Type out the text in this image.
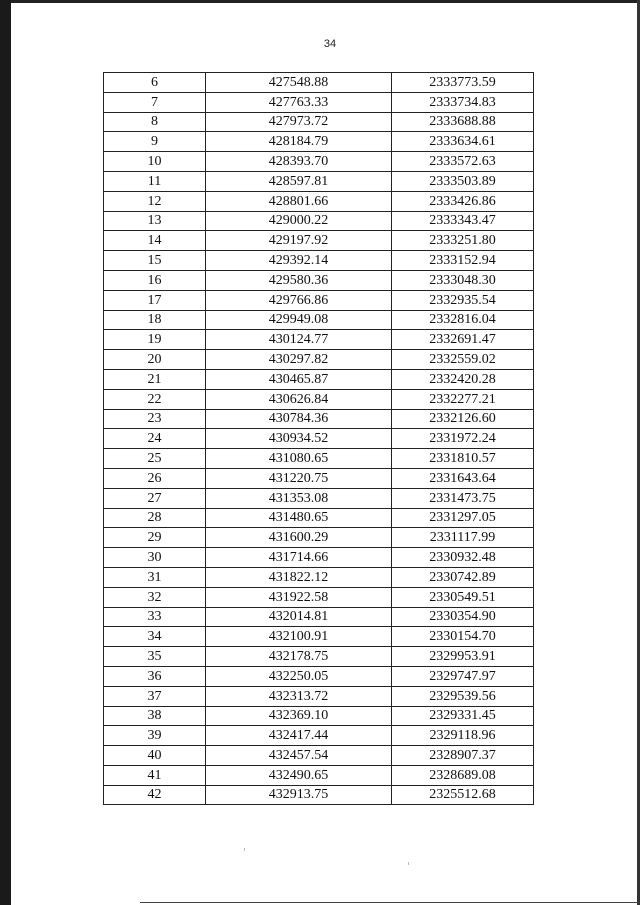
34
6	427548.88	2333773.59
7	427763.33	2333734.83
8	427973.72	2333688.88
9	428184.79	2333634.61
10	428393.70	2333572.63
11	428597.81	2333503.89
12	428801.66	2333426.86
13	429000.22	2333343.47
14	429197.92	2333251.80
15	429392.14	2333152.94
16	429580.36	2333048.30
17	429766.86	2332935.54
18	429949.08	2332816.04
19	430124.77	2332691.47
20	430297.82	2332559.02
21	430465.87	2332420.28
22	430626.84	2332277.21
23	430784.36	2332126.60
24	430934.52	2331972.24
25	431080.65	2331810.57
26	431220.75	2331643.64
27	431353.08	2331473.75
28	431480.65	2331297.05
29	431600.29	2331117.99
30	431714.66	2330932.48
31	431822.12	2330742.89
32	431922.58	2330549.51
33	432014.81	2330354.90
34	432100.91	2330154.70
35	432178.75	2329953.91
36	432250.05	2329747.97
37	432313.72	2329539.56
38	432369.10	2329331.45
39	432417.44	2329118.96
40	432457.54	2328907.37
41	432490.65	2328689.08
42	432913.75	2325512.68
